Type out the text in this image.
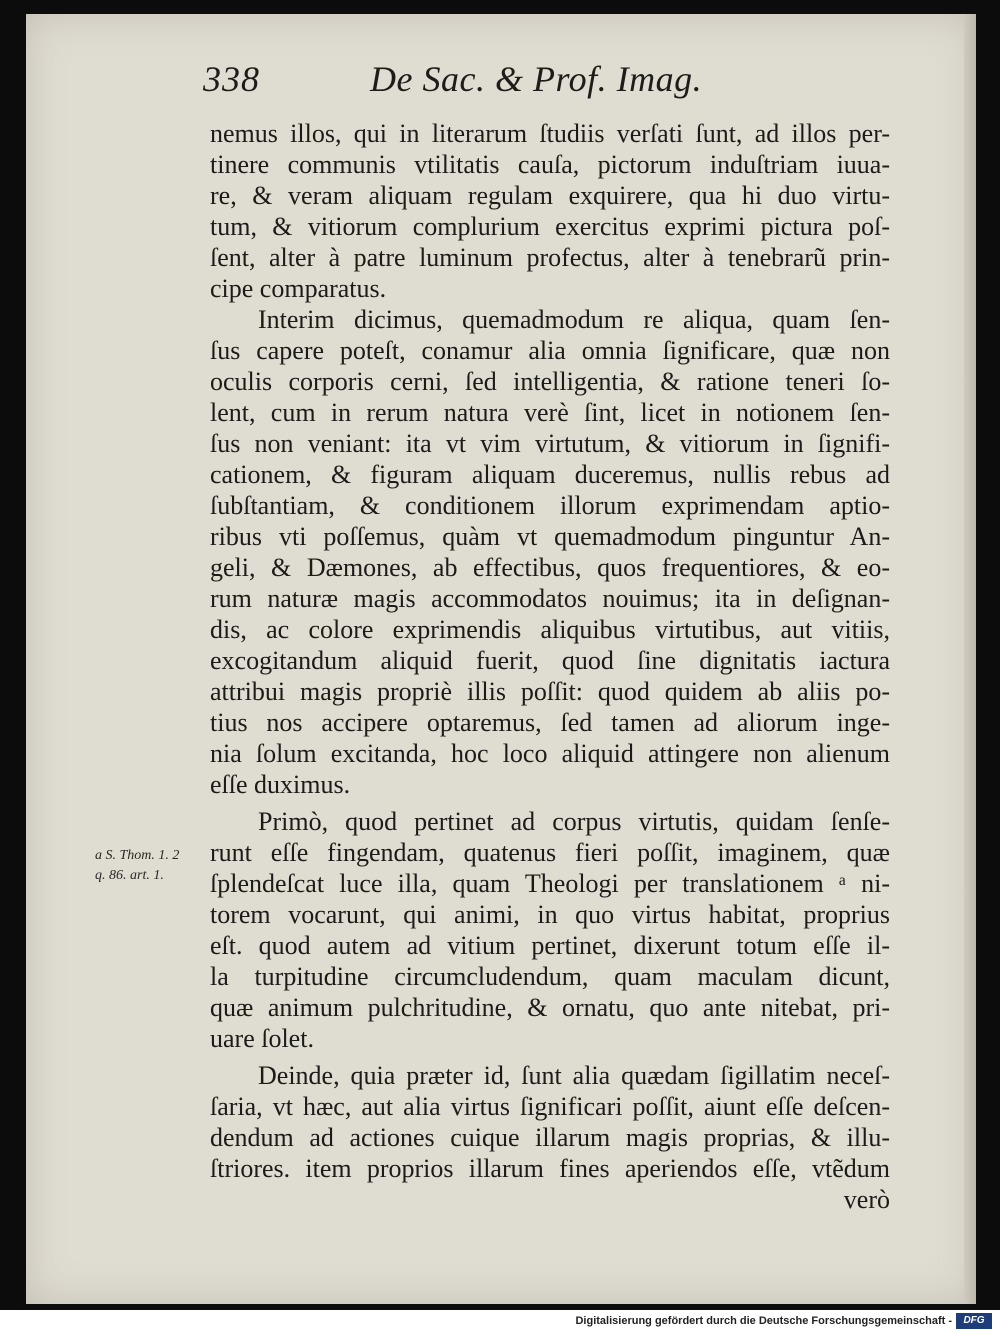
338	De Sac. & Prof. Imag.
a S. Thom. 1. 2
q. 86. art. 1.
nemus illos, qui in literarum ſtudiis verſati ſunt, ad illos per-
tinere communis vtilitatis cauſa, pictorum induſtriam iuua-
re, & veram aliquam regulam exquirere, qua hi duo virtu-
tum, & vitiorum complurium exercitus exprimi pictura poſ-
ſent, alter à patre luminum profectus, alter à tenebrarũ prin-
cipe comparatus.
Interim dicimus, quemadmodum re aliqua, quam ſen-
ſus capere poteſt, conamur alia omnia ſignificare, quæ non
oculis corporis cerni, ſed intelligentia, & ratione teneri ſo-
lent, cum in rerum natura verè ſint, licet in notionem ſen-
ſus non veniant: ita vt vim virtutum, & vitiorum in ſignifi-
cationem, & figuram aliquam duceremus, nullis rebus ad
ſubſtantiam, & conditionem illorum exprimendam aptio-
ribus vti poſſemus, quàm vt quemadmodum pinguntur An-
geli, & Dæmones, ab effectibus, quos frequentiores, & eo-
rum naturæ magis accommodatos nouimus; ita in deſignan-
dis, ac colore exprimendis aliquibus virtutibus, aut vitiis,
excogitandum aliquid fuerit, quod ſine dignitatis iactura
attribui magis propriè illis poſſit: quod quidem ab aliis po-
tius nos accipere optaremus, ſed tamen ad aliorum inge-
nia ſolum excitanda, hoc loco aliquid attingere non alienum
eſſe duximus.
Primò, quod pertinet ad corpus virtutis, quidam ſenſe-
runt eſſe fingendam, quatenus fieri poſſit, imaginem, quæ
ſplendeſcat luce illa, quam Theologi per translationem ᵃ ni-
torem vocarunt, qui animi, in quo virtus habitat, proprius
eſt. quod autem ad vitium pertinet, dixerunt totum eſſe il-
la turpitudine circumcludendum, quam maculam dicunt,
quæ animum pulchritudine, & ornatu, quo ante nitebat, pri-
uare ſolet.
Deinde, quia præter id, ſunt alia quædam ſigillatim neceſ-
ſaria, vt hæc, aut alia virtus ſignificari poſſit, aiunt eſſe deſcen-
dendum ad actiones cuique illarum magis proprias, & illu-
ſtriores. item proprios illarum fines aperiendos eſſe, vtẽdum
verò
Digitalisierung gefördert durch die Deutsche Forschungsgemeinschaft -	DFG
